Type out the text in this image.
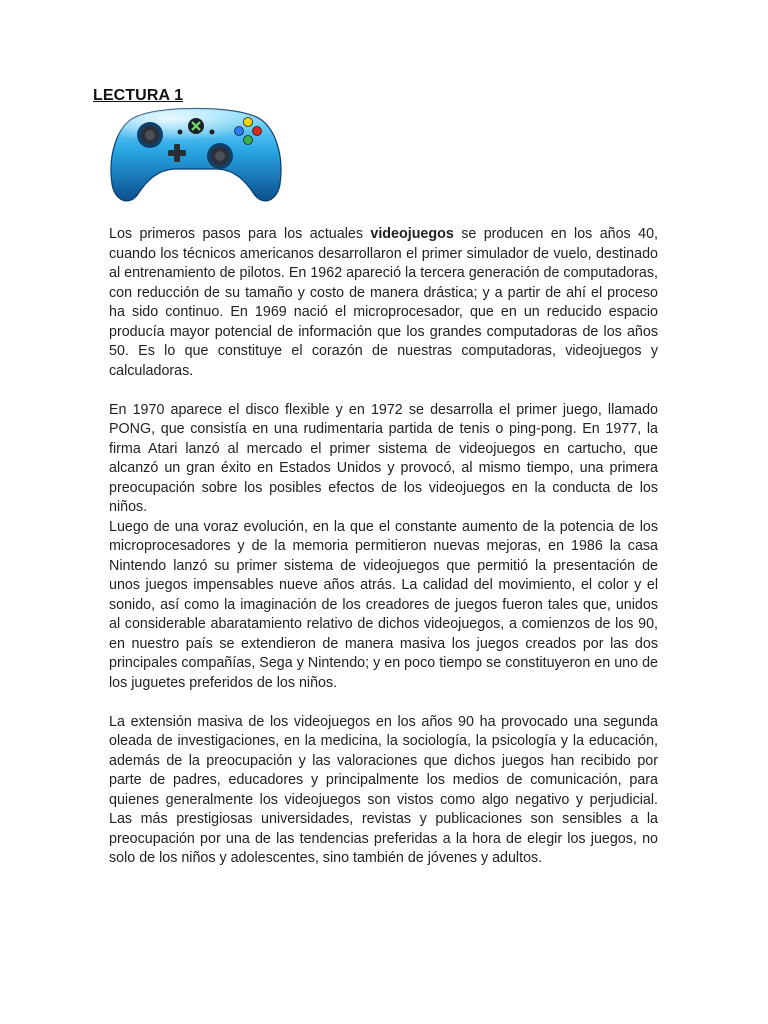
LECTURA 1

Los primeros pasos para los actuales videojuegos se producen en los años 40, cuando los técnicos americanos desarrollaron el primer simulador de vuelo, destinado al entrenamiento de pilotos. En 1962 apareció la tercera generación de computadoras, con reducción de su tamaño y costo de manera drástica; y a partir de ahí el proceso ha sido continuo. En 1969 nació el microprocesador, que en un reducido espacio producía mayor potencial de información que los grandes computadoras de los años 50. Es lo que constituye el corazón de nuestras computadoras, videojuegos y calculadoras.

En 1970 aparece el disco flexible y en 1972 se desarrolla el primer juego, llamado PONG, que consistía en una rudimentaria partida de tenis o ping-pong. En 1977, la firma Atari lanzó al mercado el primer sistema de videojuegos en cartucho, que alcanzó un gran éxito en Estados Unidos y provocó, al mismo tiempo, una primera preocupación sobre los posibles efectos de los videojuegos en la conducta de los niños.

Luego de una voraz evolución, en la que el constante aumento de la potencia de los microprocesadores y de la memoria permitieron nuevas mejoras, en 1986 la casa Nintendo lanzó su primer sistema de videojuegos que permitió la presentación de unos juegos impensables nueve años atrás. La calidad del movimiento, el color y el sonido, así como la imaginación de los creadores de juegos fueron tales que, unidos al considerable abaratamiento relativo de dichos videojuegos, a comienzos de los 90, en nuestro país se extendieron de manera masiva los juegos creados por las dos principales compañías, Sega y Nintendo; y en poco tiempo se constituyeron en uno de los juguetes preferidos de los niños.

La extensión masiva de los videojuegos en los años 90 ha provocado una segunda oleada de investigaciones, en la medicina, la sociología, la psicología y la educación, además de la preocupación y las valoraciones que dichos juegos han recibido por parte de padres, educadores y principalmente los medios de comunicación, para quienes generalmente los videojuegos son vistos como algo negativo y perjudicial. Las más prestigiosas universidades, revistas y publicaciones son sensibles a la preocupación por una de las tendencias preferidas a la hora de elegir los juegos, no solo de los niños y adolescentes, sino también de jóvenes y adultos.
